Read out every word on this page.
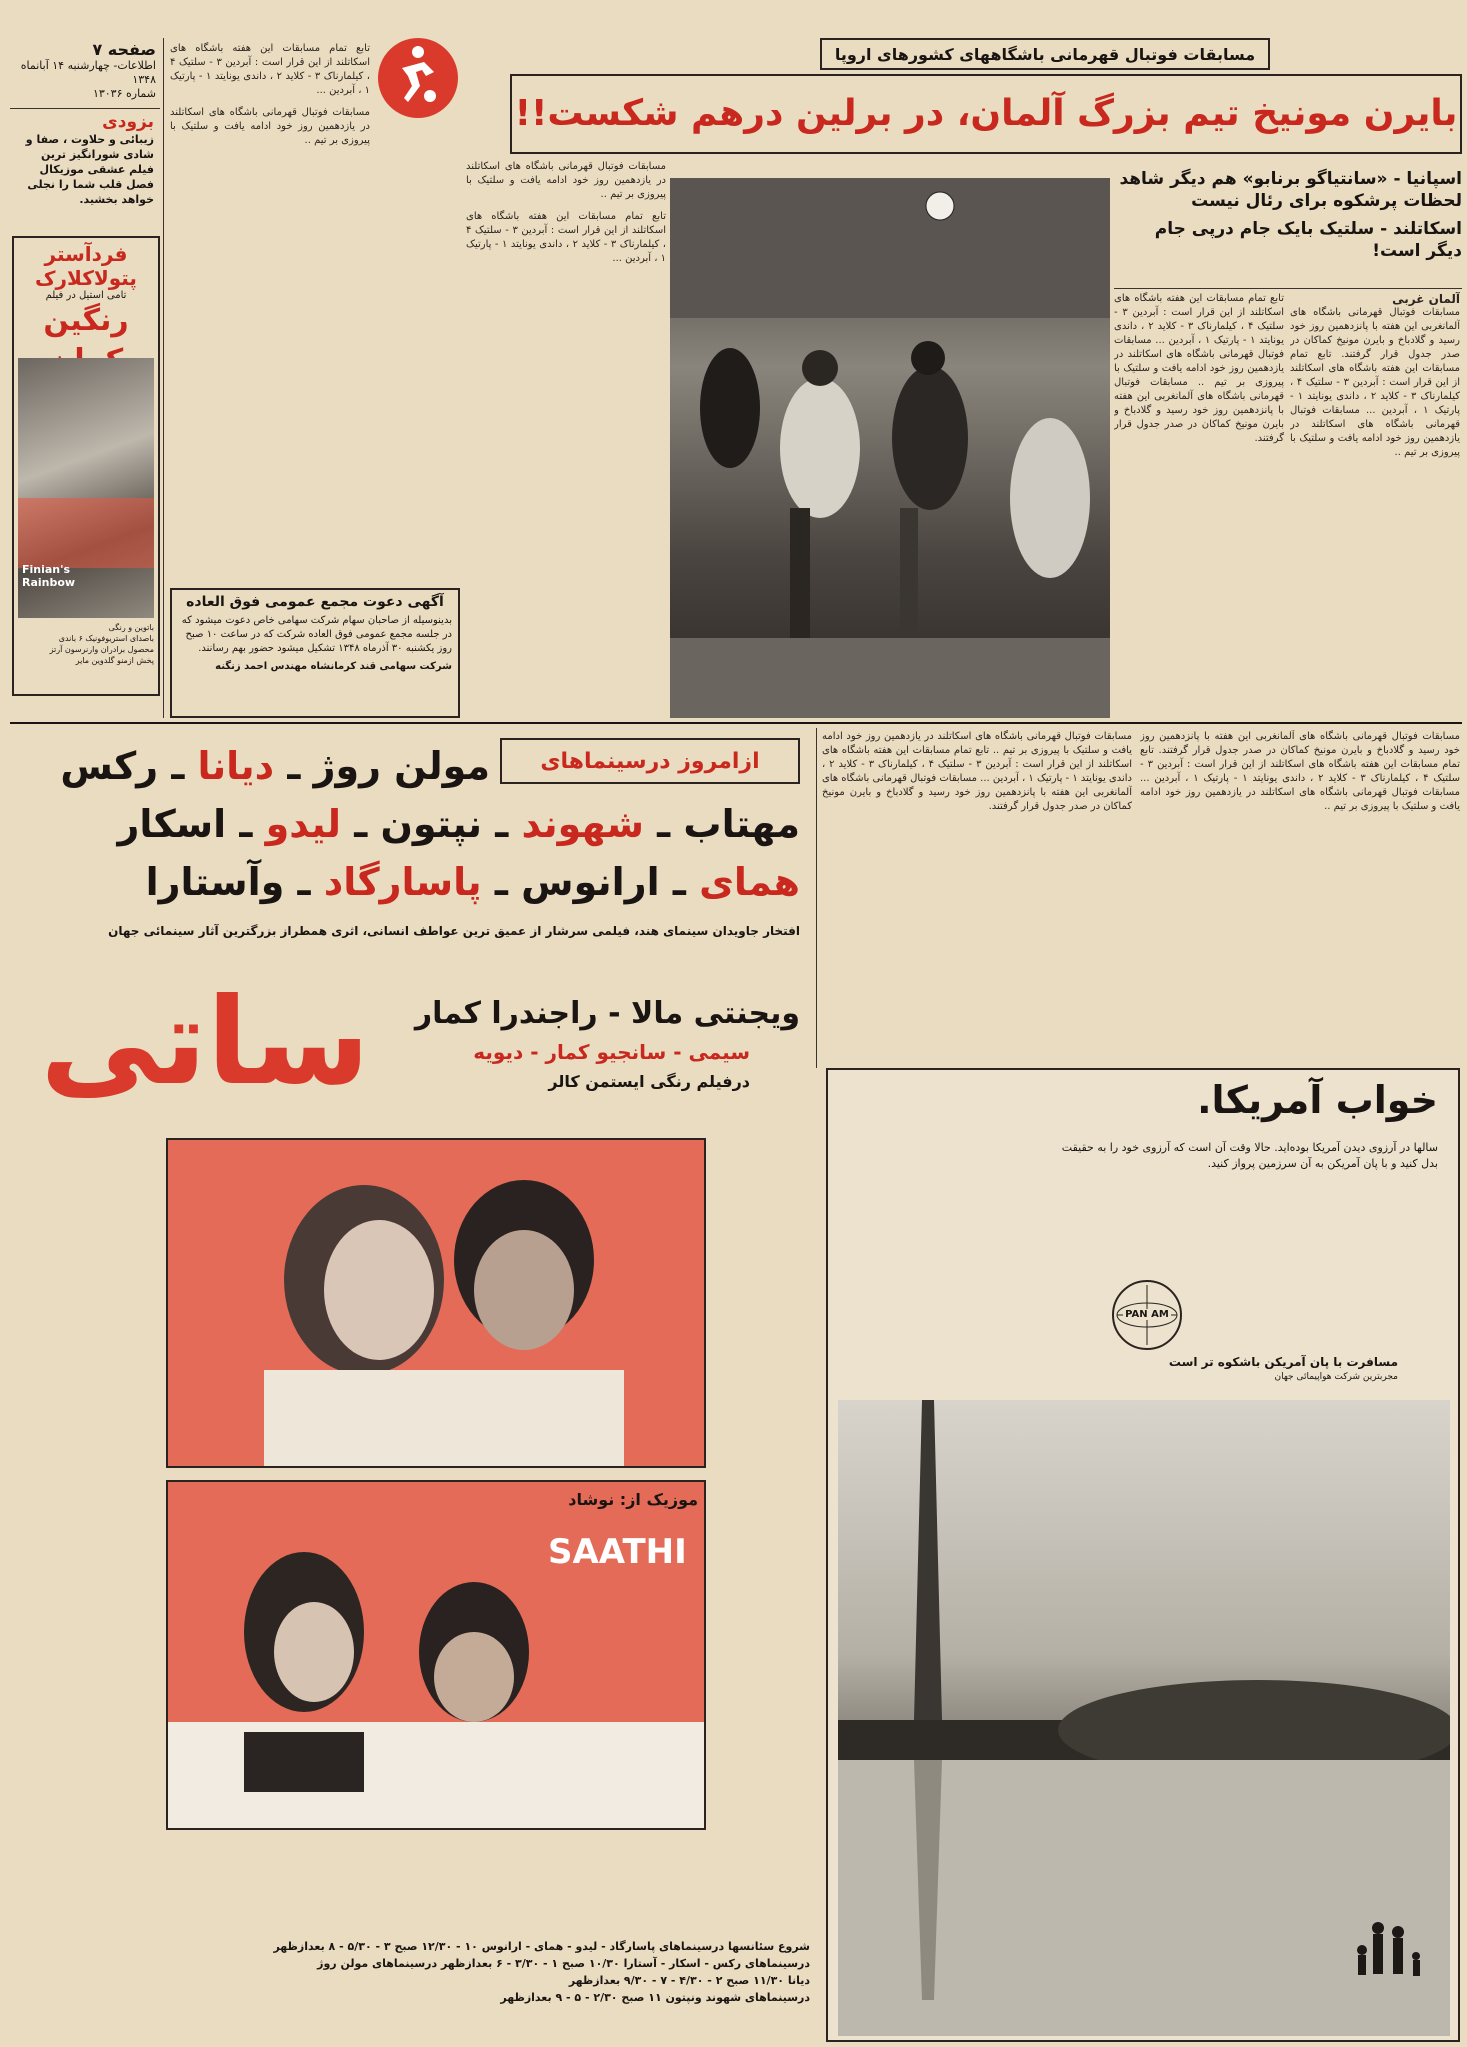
صفحه ۷
اطلاعات- چهارشنبه ۱۴ آبانماه ۱۳۴۸
شماره ۱۳۰۳۶
بزودی
زیبائی و حلاوت ، صفا و شادی شورانگیز ترین فیلم عشقی موزیکال فصل قلب شما را نجلی خواهد بخشید.
فردآستر پتولاکلارک
تامی استیل در فیلم
رنگین
Finian's Rainbow
باتوین و رنگی
باصدای استریوفونیک ۶ باندی
محصول برادران وارنرسون آرتز
پخش ازمنو گلدوین مایر
تابع تمام مسابقات این هفته باشگاه های اسکاتلند از این قرار است : آبردین ۳ - سلتیک ۴ ، کیلمارناک ۳ - کلاید ۲ ، داندی یونایتد ۱ - پارتیک ۱ ، آبردین ...
مسابقات فوتبال قهرمانی باشگاه های اسکاتلند در یازدهمین روز خود ادامه یافت و سلتیک با پیروزی بر تیم ..
مسابقات فوتبال قهرمانی باشگاههای کشورهای اروپا
بایرن مونیخ تیم بزرگ آلمان، در برلین درهم شکست!!
مسابقات فوتبال قهرمانی باشگاه های اسکاتلند در یازدهمین روز خود ادامه یافت و سلتیک با پیروزی بر تیم ..
تابع تمام مسابقات این هفته باشگاه های اسکاتلند از این قرار است : آبردین ۳ - سلتیک ۴ ، کیلمارناک ۳ - کلاید ۲ ، داندی یونایتد ۱ - پارتیک ۱ ، آبردین ...
اسپانیا - «سانتیاگو برنابو» هم دیگر شاهد لحظات پرشکوه برای رئال نیست
اسکاتلند - سلتیک بایک جام درپی جام دیگر است!
آلمان غربی
مسابقات فوتبال قهرمانی باشگاه های آلمانغربی این هفته با پانزدهمین روز خود رسید و گلادباخ و بایرن مونیخ کماکان در صدر جدول قرار گرفتند. تابع تمام مسابقات این هفته باشگاه های اسکاتلند از این قرار است : آبردین ۳ - سلتیک ۴ ، کیلمارناک ۳ - کلاید ۲ ، داندی یونایتد ۱ - پارتیک ۱ ، آبردین ... مسابقات فوتبال قهرمانی باشگاه های اسکاتلند در یازدهمین روز خود ادامه یافت و سلتیک با پیروزی بر تیم ..
تابع تمام مسابقات این هفته باشگاه های اسکاتلند از این قرار است : آبردین ۳ - سلتیک ۴ ، کیلمارناک ۳ - کلاید ۲ ، داندی یونایتد ۱ - پارتیک ۱ ، آبردین ... مسابقات فوتبال قهرمانی باشگاه های اسکاتلند در یازدهمین روز خود ادامه یافت و سلتیک با پیروزی بر تیم .. مسابقات فوتبال قهرمانی باشگاه های آلمانغربی این هفته با پانزدهمین روز خود رسید و گلادباخ و بایرن مونیخ کماکان در صدر جدول قرار گرفتند.
آگهی دعوت مجمع عمومی فوق العاده
بدینوسیله از صاحبان سهام شرکت سهامی خاص دعوت میشود که در جلسه مجمع عمومی فوق العاده شرکت که در ساعت ۱۰ صبح روز یکشنبه ۳۰ آذرماه ۱۳۴۸ تشکیل میشود حضور بهم رسانند.
شرکت سهامی قند کرمانشاه مهندس احمد زنگنه
ازامروز درسینماهای
مولن روژ ـ دیانا ـ رکس
مهتاب ـ شهوند ـ نپتون ـ لیدو ـ اسکار
همای ـ ارانوس ـ پاسارگاد ـ وآستارا
افتخار جاویدان سینمای هند، فیلمی سرشار از عمیق ترین عواطف انسانی، اثری همطراز بزرگترین آثار سینمائی جهان
ویجنتی مالا - راجندرا کمار
سیمی - سانجیو کمار - دیویه
درفیلم رنگی ایستمن کالر
ساتی
موزیک از: نوشاد
SAATHI
شروع سئانسها درسینماهای پاسارگاد - لیدو - همای - ارانوس ۱۰ - ۱۲/۳۰ صبح ۳ - ۵/۳۰ - ۸ بعدازظهر
درسینماهای رکس - اسکار - آستارا ۱۰/۳۰ صبح ۱ - ۳/۳۰ - ۶ بعدازظهر درسینماهای مولن روژ
دیانا ۱۱/۳۰ صبح ۲ - ۴/۳۰ - ۷ - ۹/۳۰ بعدازظهر
درسینماهای شهوند ونپتون ۱۱ صبح ۲/۳۰ - ۵ - ۹ بعدازظهر
مسابقات فوتبال قهرمانی باشگاه های اسکاتلند در یازدهمین روز خود ادامه یافت و سلتیک با پیروزی بر تیم .. تابع تمام مسابقات این هفته باشگاه های اسکاتلند از این قرار است : آبردین ۳ - سلتیک ۴ ، کیلمارناک ۳ - کلاید ۲ ، داندی یونایتد ۱ - پارتیک ۱ ، آبردین ... مسابقات فوتبال قهرمانی باشگاه های آلمانغربی این هفته با پانزدهمین روز خود رسید و گلادباخ و بایرن مونیخ کماکان در صدر جدول قرار گرفتند.
مسابقات فوتبال قهرمانی باشگاه های آلمانغربی این هفته با پانزدهمین روز خود رسید و گلادباخ و بایرن مونیخ کماکان در صدر جدول قرار گرفتند. تابع تمام مسابقات این هفته باشگاه های اسکاتلند از این قرار است : آبردین ۳ - سلتیک ۴ ، کیلمارناک ۳ - کلاید ۲ ، داندی یونایتد ۱ - پارتیک ۱ ، آبردین ... مسابقات فوتبال قهرمانی باشگاه های اسکاتلند در یازدهمین روز خود ادامه یافت و سلتیک با پیروزی بر تیم ..
خواب آمریکا.
سالها در آرزوی دیدن آمریکا بوده‌اید. حالا وقت آن است که آرزوی خود را به حقیقت بدل کنید و با پان آمریکن به آن سرزمین پرواز کنید.
PAN AM
مسافرت با پان آمریکن باشکوه تر است
مجربترین شرکت هواپیمائی جهان
